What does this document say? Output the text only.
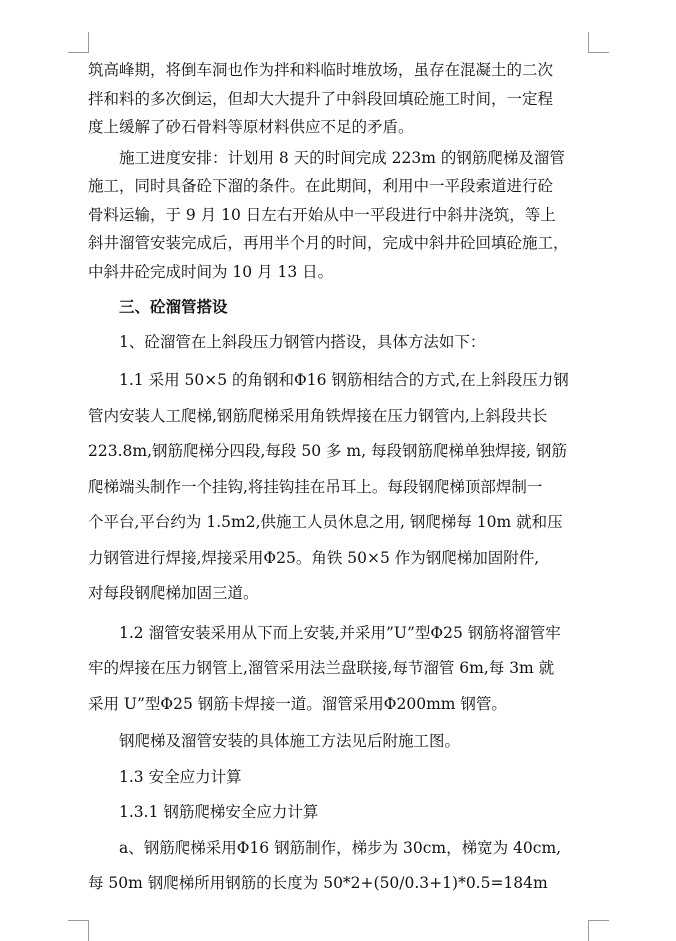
筑高峰期，将倒车洞也作为拌和料临时堆放场，虽存在混凝土的二次

拌和料的多次倒运，但却大大提升了中斜段回填砼施工时间，一定程

度上缓解了砂石骨料等原材料供应不足的矛盾。

施工进度安排：计划用 8 天的时间完成 223m 的钢筋爬梯及溜管

施工，同时具备砼下溜的条件。在此期间，利用中一平段索道进行砼

骨料运输，于 9 月 10 日左右开始从中一平段进行中斜井浇筑，等上

斜井溜管安装完成后，再用半个月的时间，完成中斜井砼回填砼施工，

中斜井砼完成时间为 10 月 13 日。

三、砼溜管搭设

1、砼溜管在上斜段压力钢管内搭设，具体方法如下：

1.1 采用 50×5 的角钢和Φ16 钢筋相结合的方式,在上斜段压力钢

管内安装人工爬梯,钢筋爬梯采用角铁焊接在压力钢管内,上斜段共长

223.8m,钢筋爬梯分四段,每段 50 多 m, 每段钢筋爬梯单独焊接, 钢筋

爬梯端头制作一个挂钩,将挂钩挂在吊耳上。每段钢爬梯顶部焊制一

个平台,平台约为 1.5m2,供施工人员休息之用, 钢爬梯每 10m 就和压

力钢管进行焊接,焊接采用Φ25。角铁 50×5 作为钢爬梯加固附件,

对每段钢爬梯加固三道。

1.2 溜管安装采用从下而上安装,并采用”U”型Φ25 钢筋将溜管牢

牢的焊接在压力钢管上,溜管采用法兰盘联接,每节溜管 6m,每 3m 就

采用 U”型Φ25 钢筋卡焊接一道。溜管采用Φ200mm 钢管。

钢爬梯及溜管安装的具体施工方法见后附施工图。

1.3 安全应力计算

1.3.1 钢筋爬梯安全应力计算

a、钢筋爬梯采用Φ16 钢筋制作，梯步为 30cm，梯宽为 40cm,

每 50m 钢爬梯所用钢筋的长度为 50*2+(50/0.3+1)*0.5=184m
